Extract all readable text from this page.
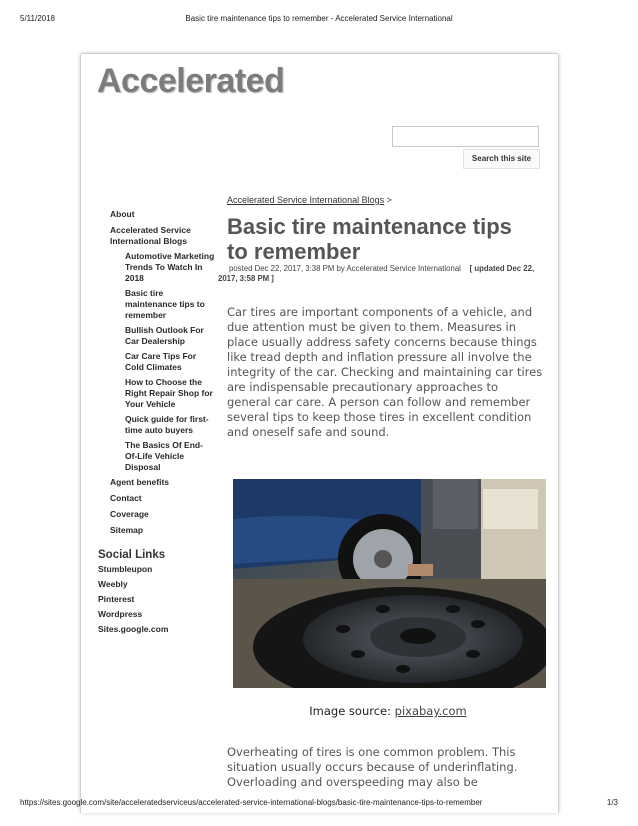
5/11/2018	Basic tire maintenance tips to remember - Accelerated Service International
Accelerated
Search this site
About
Accelerated Service International Blogs
Automotive Marketing Trends To Watch In 2018
Basic tire maintenance tips to remember
Bullish Outlook For Car Dealership
Car Care Tips For Cold Climates
How to Choose the Right Repair Shop for Your Vehicle
Quick guide for first-time auto buyers
The Basics Of End-Of-Life Vehicle Disposal
Agent benefits
Contact
Coverage
Sitemap
Social Links
Stumbleupon
Weebly
Pinterest
Wordpress
Sites.google.com
Accelerated Service International Blogs >
Basic tire maintenance tips to remember
posted Dec 22, 2017, 3:38 PM by Accelerated Service International [ updated Dec 22, 2017, 3:58 PM ]

Car tires are important components of a vehicle, and due attention must be given to them. Measures in place usually address safety concerns because things like tread depth and inflation pressure all involve the integrity of the car. Checking and maintaining car tires are indispensable precautionary approaches to general car care. A person can follow and remember several tips to keep those tires in excellent condition and oneself safe and sound.

Image source: pixabay.com

Overheating of tires is one common problem. This situation usually occurs because of underinflating. Overloading and overspeeding may also be

https://sites.google.com/site/acceleratedserviceus/accelerated-service-international-blogs/basic-tire-maintenance-tips-to-remember	1/3
